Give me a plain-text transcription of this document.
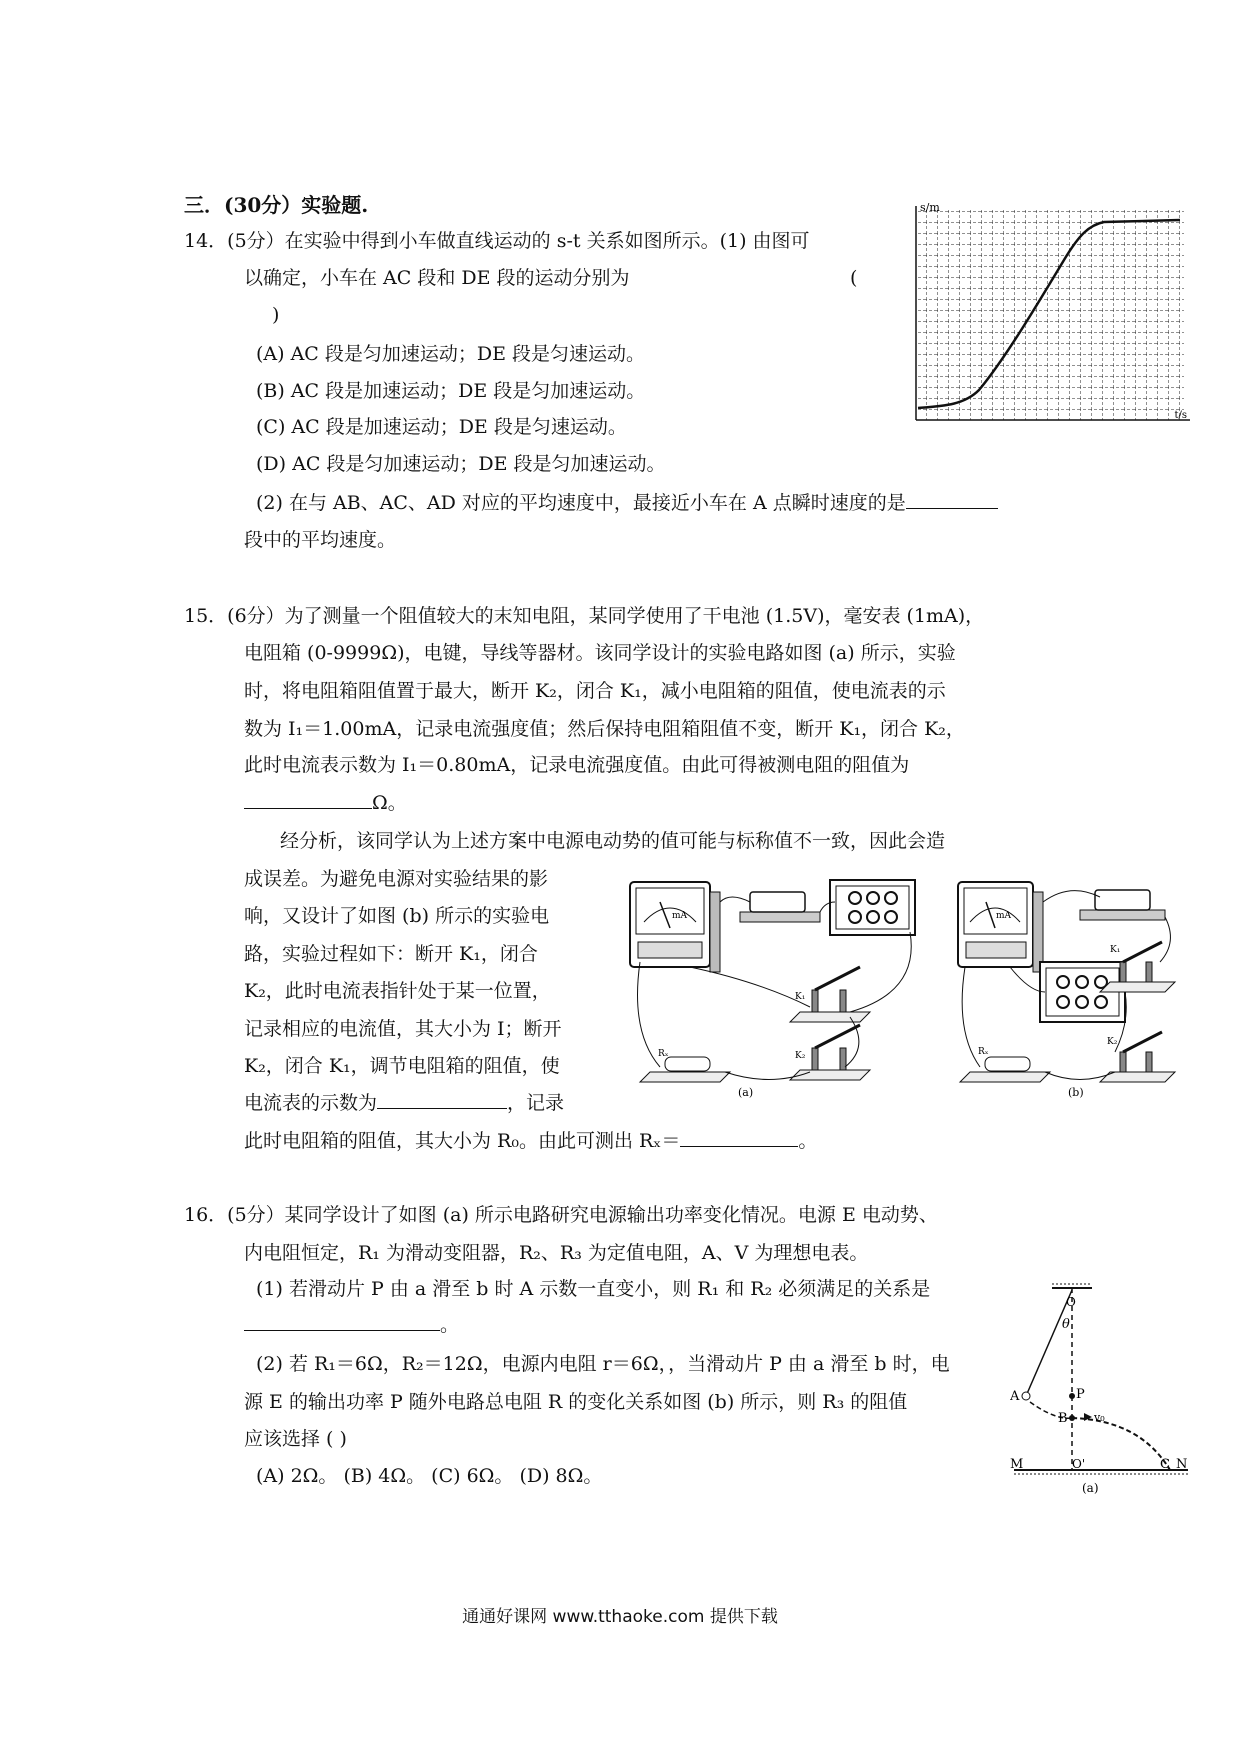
三．(30分）实验题.
14．(5分）在实验中得到小车做直线运动的 s-t 关系如图所示。(1) 由图可
以确定，小车在 AC 段和 DE 段的运动分别为	(
)
(A) AC 段是匀加速运动；DE 段是匀速运动。
(B) AC 段是加速运动；DE 段是匀加速运动。
(C) AC 段是加速运动；DE 段是匀速运动。
(D) AC 段是匀加速运动；DE 段是匀加速运动。
(2) 在与 AB、AC、AD 对应的平均速度中，最接近小车在 A 点瞬时速度的是
段中的平均速度。
s/m
t/s
15．(6分）为了测量一个阻值较大的末知电阻，某同学使用了干电池 (1.5V)，毫安表 (1mA)，
电阻箱 (0-9999Ω)，电键，导线等器材。该同学设计的实验电路如图 (a) 所示，实验
时，将电阻箱阻值置于最大，断开 K₂，闭合 K₁，减小电阻箱的阻值，使电流表的示
数为 I₁＝1.00mA，记录电流强度值；然后保持电阻箱阻值不变，断开 K₁，闭合 K₂，
此时电流表示数为 I₁＝0.80mA，记录电流强度值。由此可得被测电阻的阻值为
Ω。
经分析，该同学认为上述方案中电源电动势的值可能与标称值不一致，因此会造
成误差。为避免电源对实验结果的影
响，又设计了如图 (b) 所示的实验电
路，实验过程如下：断开 K₁，闭合
K₂，此时电流表指针处于某一位置，
记录相应的电流值，其大小为 I；断开
K₂，闭合 K₁，调节电阻箱的阻值，使
电流表的示数为	，记录
此时电阻箱的阻值，其大小为 R₀。由此可测出 Rₓ＝	。
mA
K₁
K₂
Rₓ
(a)
mA
K₁
K₂
Rₓ
(b)
16．(5分）某同学设计了如图 (a) 所示电路研究电源输出功率变化情况。电源 E 电动势、
内电阻恒定，R₁ 为滑动变阻器，R₂、R₃ 为定值电阻，A、V 为理想电表。
(1) 若滑动片 P 由 a 滑至 b 时 A 示数一直变小，则 R₁ 和 R₂ 必须满足的关系是
。
(2) 若 R₁＝6Ω，R₂＝12Ω，电源内电阻 r＝6Ω，，当滑动片 P 由 a 滑至 b 时，电
源 E 的输出功率 P 随外电路总电阻 R 的变化关系如图 (b) 所示，则 R₃ 的阻值
应该选择 ( )
(A) 2Ω。 (B) 4Ω。 (C) 6Ω。 (D) 8Ω。
O
θ
A	P
B v₀
M	O'	C N
(a)
通通好课网 www.tthaoke.com 提供下载
